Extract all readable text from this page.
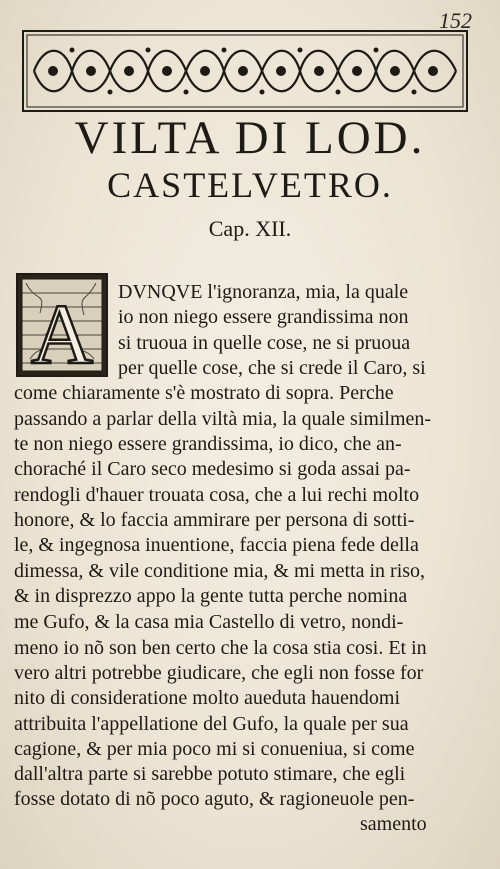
152
VILTA DI LOD.
CASTELVETRO.
Cap. XII.
A DVNQVE l'ignoranza, mia, la quale
io non niego essere grandissima non
si truoua in quelle cose, ne si pruoua
per quelle cose, che si crede il Caro, si
come chiaramente s'è mostrato di sopra. Perche
passando a parlar della viltà mia, la quale similmen-
te non niego essere grandissima, io dico, che an-
choraché il Caro seco medesimo si goda assai pa-
rendogli d'hauer trouata cosa, che a lui rechi molto
honore, & lo faccia ammirare per persona di sotti-
le, & ingegnosa inuentione, faccia piena fede della
dimessa, & vile conditione mia, & mi metta in riso,
& in disprezzo appo la gente tutta perche nomina
me Gufo, & la casa mia Castello di vetro, nondi-
meno io nõ son ben certo che la cosa stia cosi. Et in
vero altri potrebbe giudicare, che egli non fosse for
nito di consideratione molto aueduta hauendomi
attribuita l'appellatione del Gufo, la quale per sua
cagione, & per mia poco mi si conueniua, si come
dall'altra parte si sarebbe potuto stimare, che egli
fosse dotato di nõ poco aguto, & ragioneuole pen-
samento
